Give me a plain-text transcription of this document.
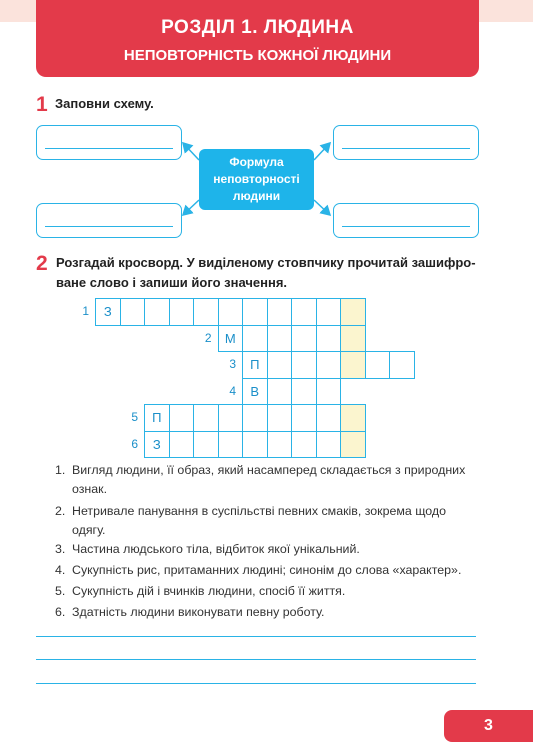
РОЗДІЛ 1. ЛЮДИНА
НЕПОВТОРНІСТЬ КОЖНОЇ ЛЮДИНИ
1 Заповни схему.
Формула
неповторності
людини
2 Розгадай кросворд. У виділеному стовпчику прочитай зашифро-
ване слово і запиши його значення.
1	З
2	М
3	П
4	В
5	П
6	З
1. Вигляд людини, її образ, який насамперед складається з природних
ознак.
2. Нетривале панування в суспільстві певних смаків, зокрема щодо
одягу.
3. Частина людського тіла, відбиток якої унікальний.
4. Сукупність рис, притаманних людині; синонім до слова «характер».
5. Сукупність дій і вчинків людини, спосіб її життя.
6. Здатність людини виконувати певну роботу.
3
